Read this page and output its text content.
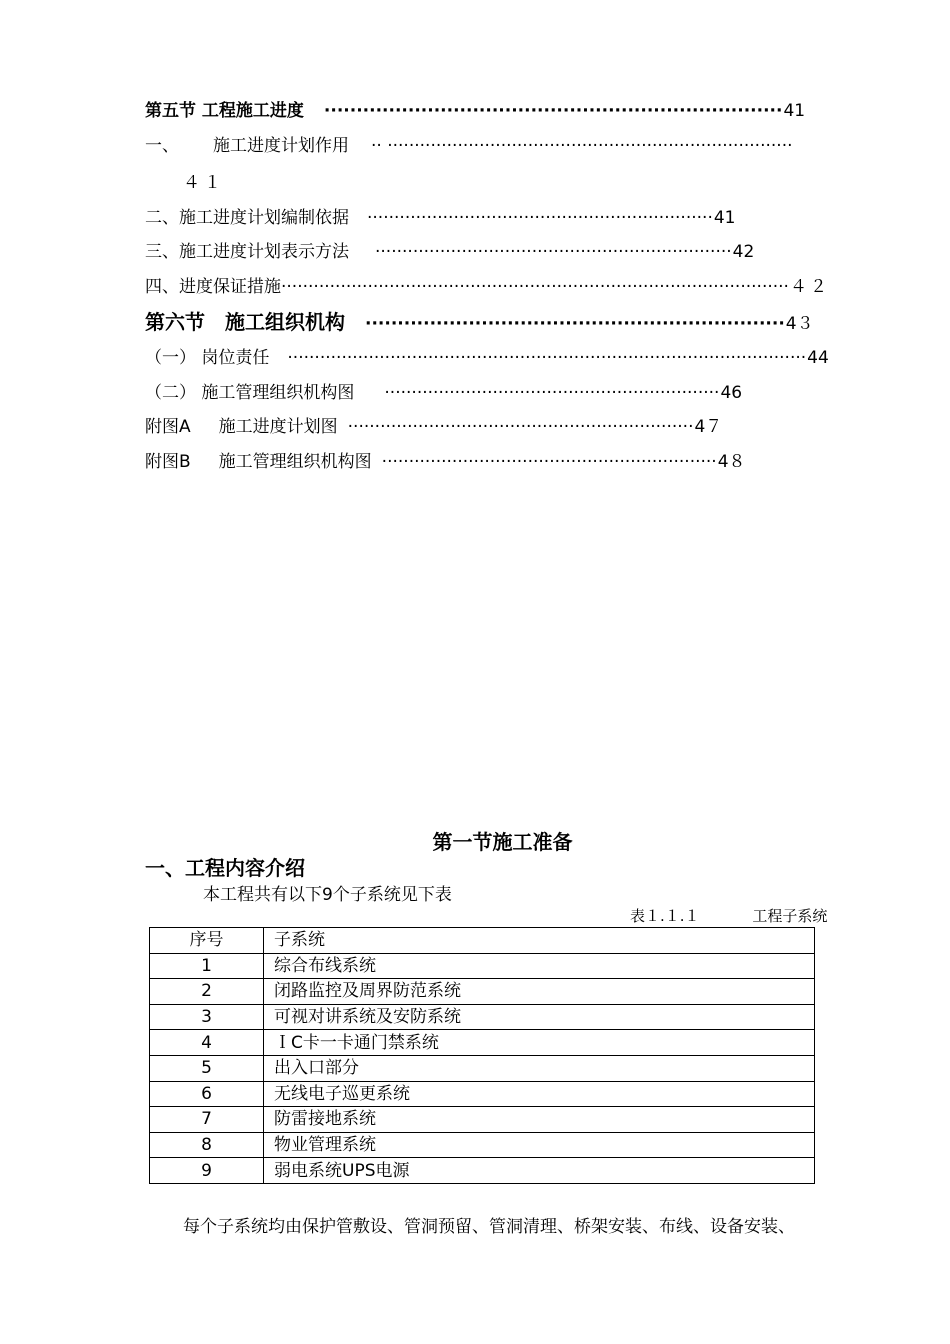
第五节 工程施工进度 ······································································· 41
一、 施工进度计划作用 ·· ···········································································
４１
二、施工进度计划编制依据 ································································ 41
三、施工进度计划表示方法 ·································································· 42
四、进度保证措施 ······························································································ ４２
第六节　施工组织机构 ································································· 4３
（一） 岗位责任 ································································································ 44
（二） 施工管理组织机构图 ······························································ 46
附图A 施工进度计划图 ································································ 4７
附图B 施工管理组织机构图 ······························································ 4８
第一节施工准备
一、工程内容介绍
本工程共有以下9个子系统见下表
表１.１.１	工程子系统
序号	子系统
1	综合布线系统
2	闭路监控及周界防范系统
3	可视对讲系统及安防系统
4	ＩC卡一卡通门禁系统
5	出入口部分
6	无线电子巡更系统
7	防雷接地系统
8	物业管理系统
9	弱电系统UPS电源
每个子系统均由保护管敷设、管洞预留、管洞清理、桥架安装、布线、设备安装、
